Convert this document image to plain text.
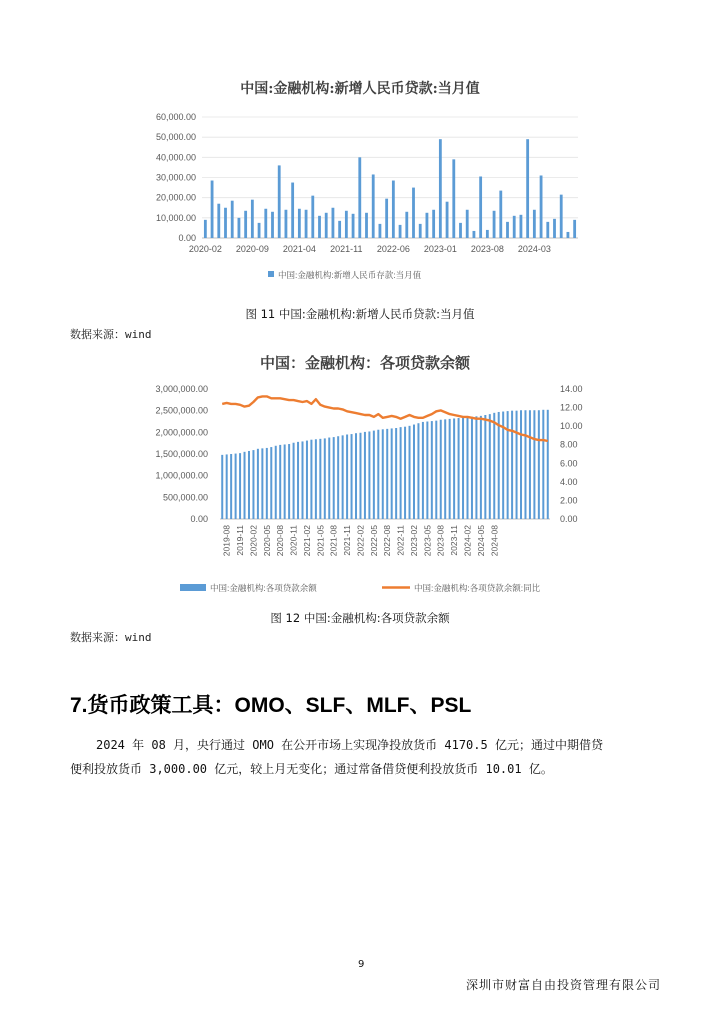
中国:金融机构:新增人民币贷款:当月值
60,000.00
50,000.00
40,000.00
30,000.00
20,000.00
10,000.00
0.00
2020-02 2020-09 2021-04 2021-11 2022-06 2023-01 2023-08 2024-03
中国:金融机构:新增人民币存款:当月值
图 11 中国:金融机构:新增人民币贷款:当月值
数据来源：wind
中国：金融机构：各项贷款余额
3,000,000.00
2,500,000.00
2,000,000.00
1,500,000.00
1,000,000.00
500,000.00
0.00
14.00
12.00
10.00
8.00
6.00
4.00
2.00
0.00
2019-08 2019-11 2020-02 2020-05 2020-08 2020-11 2021-02 2021-05 2021-08 2021-11 2022-02 2022-05 2022-08 2022-11 2023-02 2023-05 2023-08 2023-11 2024-02 2024-05 2024-08
中国:金融机构:各项贷款余额	中国:金融机构:各项贷款余额:同比
图 12 中国:金融机构:各项贷款余额
数据来源：wind
7.货币政策工具：OMO、SLF、MLF、PSL
2024 年 08 月，央行通过 OMO 在公开市场上实现净投放货币 4170.5 亿元；通过中期借贷
便利投放货币 3,000.00 亿元，较上月无变化；通过常备借贷便利投放货币 10.01 亿。
9
深圳市财富自由投资管理有限公司
